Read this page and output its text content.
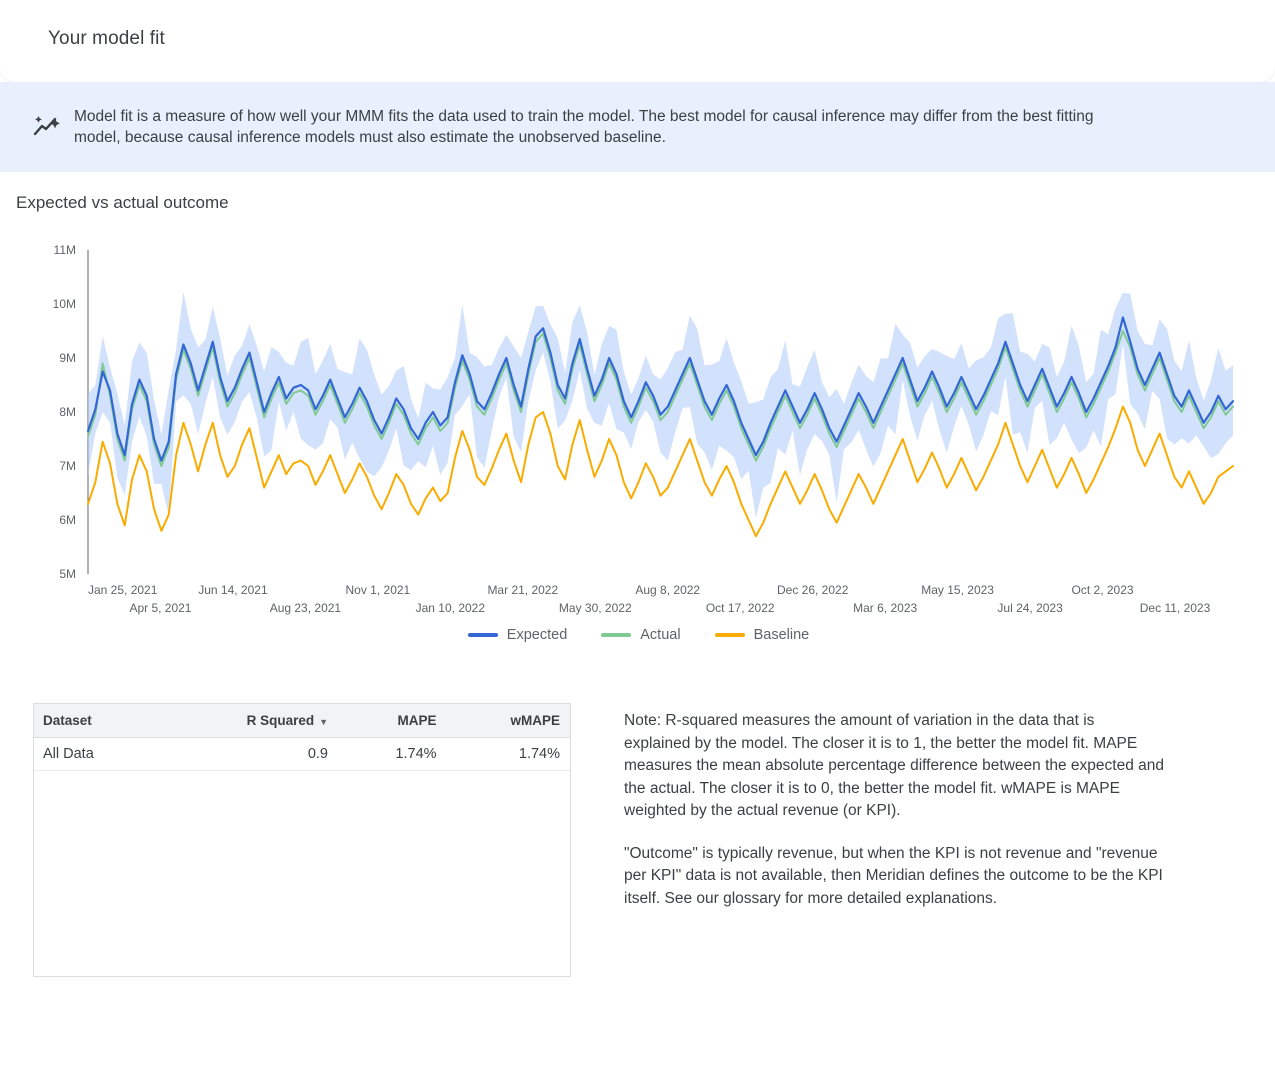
Your model fit
Model fit is a measure of how well your MMM fits the data used to train the model. The best model for causal inference may differ from the best fitting model, because causal inference models must also estimate the unobserved baseline.
Expected vs actual outcome
5M
6M
7M
8M
9M
10M
11M
Jan 25, 2021
Apr 5, 2021
Jun 14, 2021
Aug 23, 2021
Nov 1, 2021
Jan 10, 2022
Mar 21, 2022
May 30, 2022
Aug 8, 2022
Oct 17, 2022
Dec 26, 2022
Mar 6, 2023
May 15, 2023
Jul 24, 2023
Oct 2, 2023
Dec 11, 2023
Expected	Actual	Baseline
Dataset	R Squared ▼	MAPE	wMAPE
All Data	0.9	1.74%	1.74%

Note: R-squared measures the amount of variation in the data that is explained by the model. The closer it is to 1, the better the model fit. MAPE measures the mean absolute percentage difference between the expected and the actual. The closer it is to 0, the better the model fit. wMAPE is MAPE weighted by the actual revenue (or KPI).

"Outcome" is typically revenue, but when the KPI is not revenue and "revenue per KPI" data is not available, then Meridian defines the outcome to be the KPI itself. See our glossary for more detailed explanations.
